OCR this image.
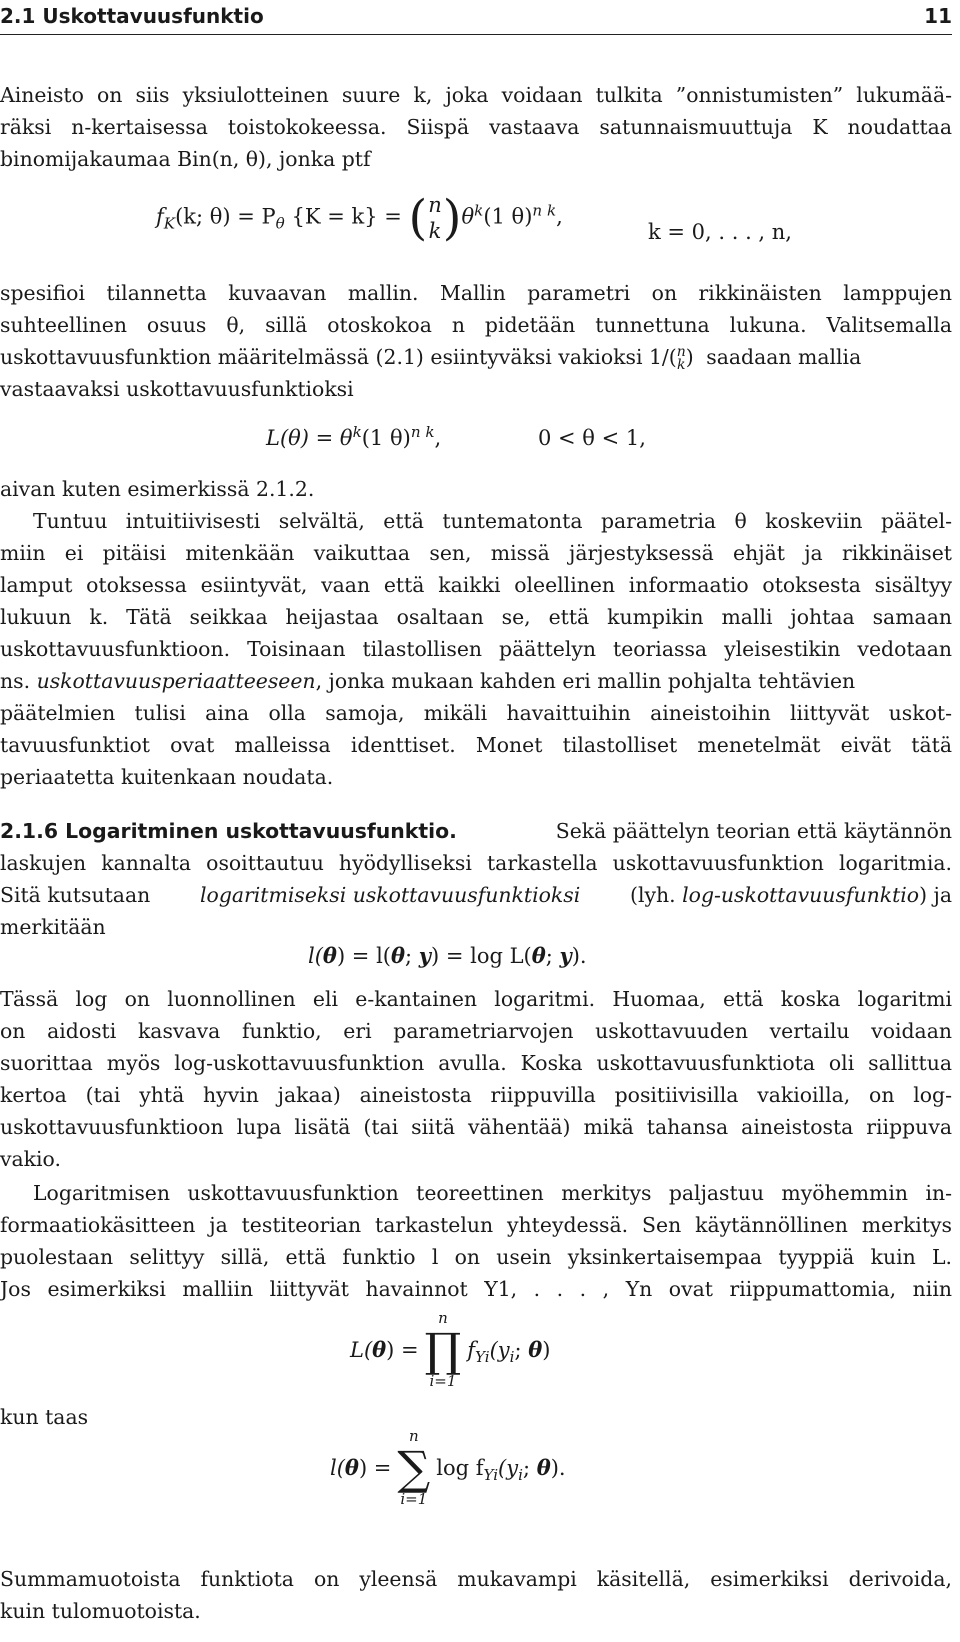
2.1 Uskottavuusfunktio	11
Aineisto on siis yksiulotteinen suure k, joka voidaan tulkita ”onnistumisten” lukumää-
räksi n-kertaisessa toistokokeessa. Siispä vastaava satunnaismuuttuja K noudattaa
binomijakaumaa Bin(n, θ), jonka ptf
$f_K(k$; $\theta) = P_\theta$ {K = k} = (n
$k)\theta^k(1$ θ)$^{n k}$,
k = 0, . . . , n,
spesifioi tilannetta kuvaavan mallin. Mallin parametri on rikkinäisten lamppujen
suhteellinen osuus θ, sillä otoskokoa n pidetään tunnettuna lukuna. Valitsemalla
uskottavuusfunktion määritelmässä (2.1) esiintyväksi vakioksi 1/(n
k) saadaan mallia
vastaavaksi uskottavuusfunktioksi
$L(\theta) = \theta^k(1$ θ)$^{n k}$,	0 < θ < 1,
aivan kuten esimerkissä 2.1.2.
Tuntuu intuitiivisesti selvältä, että tuntematonta parametria θ koskeviin päätel-
miin ei pitäisi mitenkään vaikuttaa sen, missä järjestyksessä ehjät ja rikkinäiset
lamput otoksessa esiintyvät, vaan että kaikki oleellinen informaatio otoksesta sisältyy
lukuun k. Tätä seikkaa heijastaa osaltaan se, että kumpikin malli johtaa samaan
uskottavuusfunktioon. Toisinaan tilastollisen päättelyn teoriassa yleisestikin vedotaan
ns. uskottavuusperiaatteeseen, jonka mukaan kahden eri mallin pohjalta tehtävien
päätelmien tulisi aina olla samoja, mikäli havaittuihin aineistoihin liittyvät uskot-
tavuusfunktiot ovat malleissa identtiset. Monet tilastolliset menetelmät eivät tätä
periaatetta kuitenkaan noudata.
2.1.6 Logaritminen uskottavuusfunktio.	Sekä päättelyn teorian että käytännön
laskujen kannalta osoittautuu hyödylliseksi tarkastella uskottavuusfunktion logaritmia.
Sitä kutsutaan logaritmiseksi uskottavuusfunktioksi (lyh. log-uskottavuusfunktio) ja
merkitään
l(θ) = l(θ; y) = log L(θ; y).
Tässä log on luonnollinen eli e-kantainen logaritmi. Huomaa, että koska logaritmi
on aidosti kasvava funktio, eri parametriarvojen uskottavuuden vertailu voidaan
suorittaa myös log-uskottavuusfunktion avulla. Koska uskottavuusfunktiota oli sallittua
kertoa (tai yhtä hyvin jakaa) aineistosta riippuvilla positiivisilla vakioilla, on log-
uskottavuusfunktioon lupa lisätä (tai siitä vähentää) mikä tahansa aineistosta riippuva
vakio.
Logaritmisen uskottavuusfunktion teoreettinen merkitys paljastuu myöhemmin in-
formaatiokäsitteen ja testiteorian tarkastelun yhteydessä. Sen käytännöllinen merkitys
puolestaan selittyy sillä, että funktio l on usein yksinkertaisempaa tyyppiä kuin L.
Jos esimerkiksi malliin liittyvät havainnot Y1, . . . , Yn ovat riippumattomia, niin
L(θ) =
n
∏
i=1
$f_{Yi}(y_i$; θ)
kun taas
l(θ) =
n
∑
i=1
$\log f_{Yi}(y_i$; θ).
Summamuotoista funktiota on yleensä mukavampi käsitellä, esimerkiksi derivoida,
kuin tulomuotoista.
